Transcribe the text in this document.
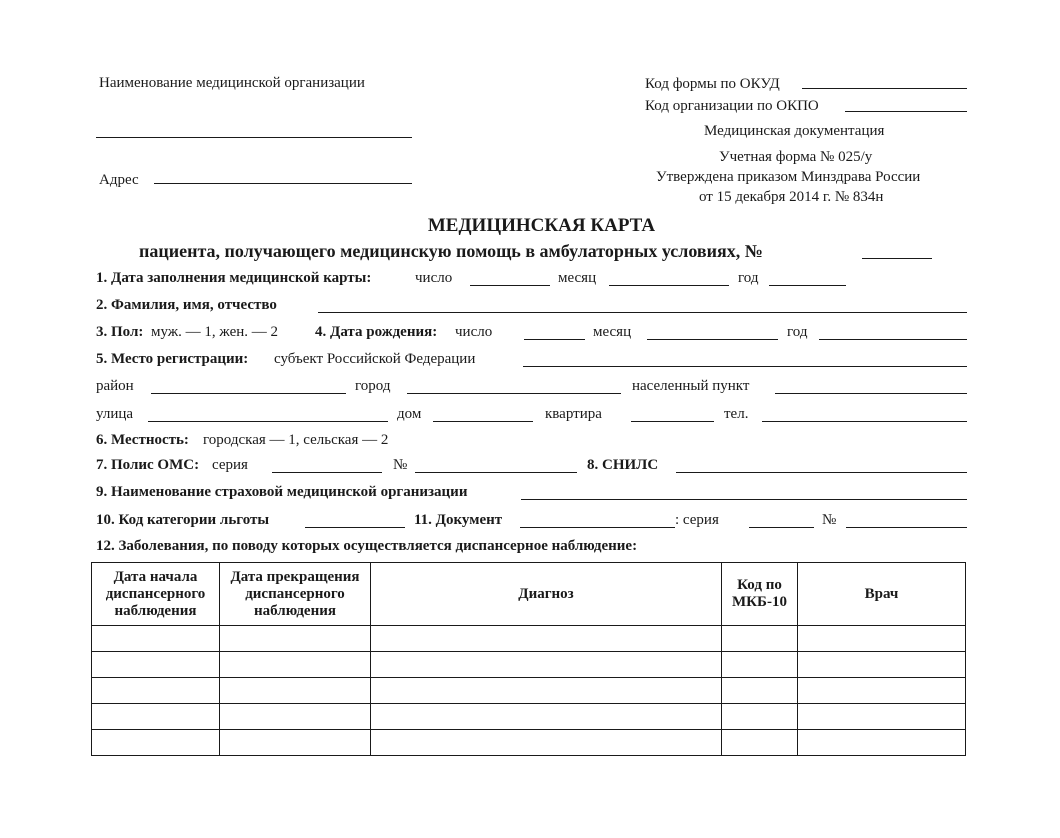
Наименование медицинской организации
Адрес
Код формы по ОКУД
Код организации по ОКПО
Медицинская документация
Учетная форма № 025/у
Утверждена приказом Минздрава России
от 15 декабря 2014 г. № 834н
МЕДИЦИНСКАЯ КАРТА
пациента, получающего медицинскую помощь в амбулаторных условиях, №
1. Дата заполнения медицинской карты:	число	месяц	год
2. Фамилия, имя, отчество
3. Пол: муж. — 1, жен. — 2 4. Дата рождения: число	месяц	год
5. Место регистрации: субъект Российской Федерации
район	город	населенный пункт
улица	дом	квартира	тел.
6. Местность: городская — 1, сельская — 2
7. Полис ОМС: серия	№	8. СНИЛС
9. Наименование страховой медицинской организации
10. Код категории льготы	11. Документ	: серия	№
12. Заболевания, по поводу которых осуществляется диспансерное наблюдение:
Дата начала диспансерного наблюдения	Дата прекращения диспансерного наблюдения	Диагноз	Код по МКБ-10	Врач
